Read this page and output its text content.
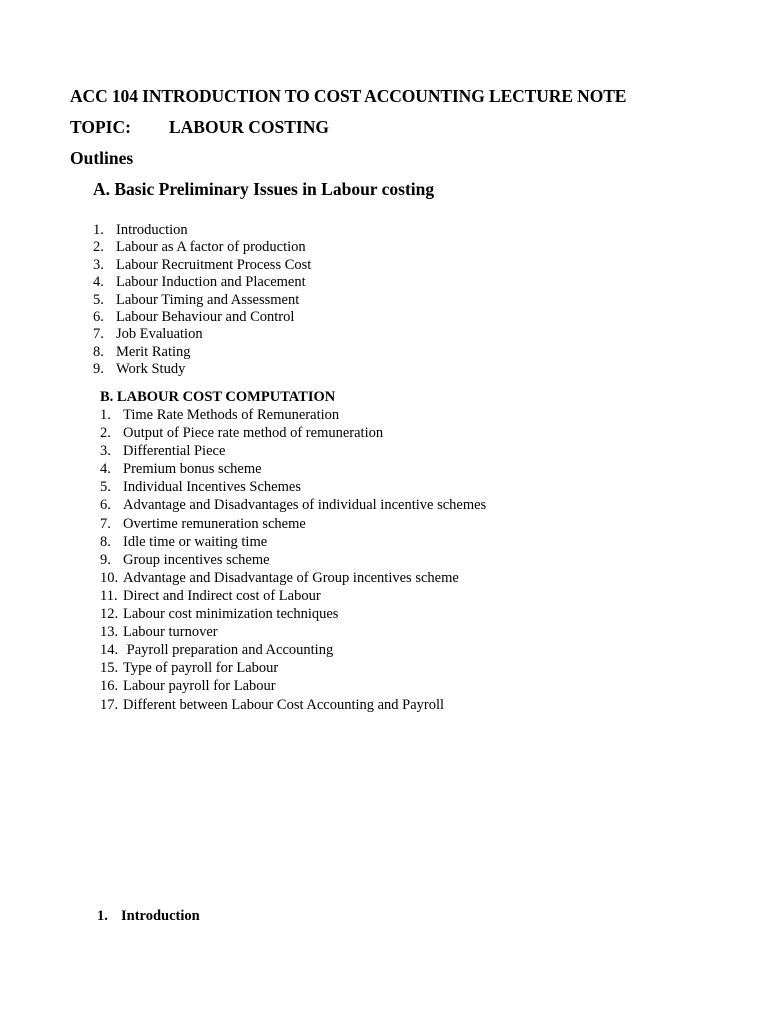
ACC 104 INTRODUCTION TO COST ACCOUNTING LECTURE NOTE
TOPIC: LABOUR COSTING
Outlines
A. Basic Preliminary Issues in Labour costing
1. Introduction
2. Labour as A factor of production
3. Labour Recruitment Process Cost
4. Labour Induction and Placement
5. Labour Timing and Assessment
6. Labour Behaviour and Control
7. Job Evaluation
8. Merit Rating
9. Work Study
B. LABOUR COST COMPUTATION
1. Time Rate Methods of Remuneration
2. Output of Piece rate method of remuneration
3. Differential Piece
4. Premium bonus scheme
5. Individual Incentives Schemes
6. Advantage and Disadvantages of individual incentive schemes
7. Overtime remuneration scheme
8. Idle time or waiting time
9. Group incentives scheme
10. Advantage and Disadvantage of Group incentives scheme
11. Direct and Indirect cost of Labour
12. Labour cost minimization techniques
13. Labour turnover
14. Payroll preparation and Accounting
15. Type of payroll for Labour
16. Labour payroll for Labour
17. Different between Labour Cost Accounting and Payroll
1. Introduction
